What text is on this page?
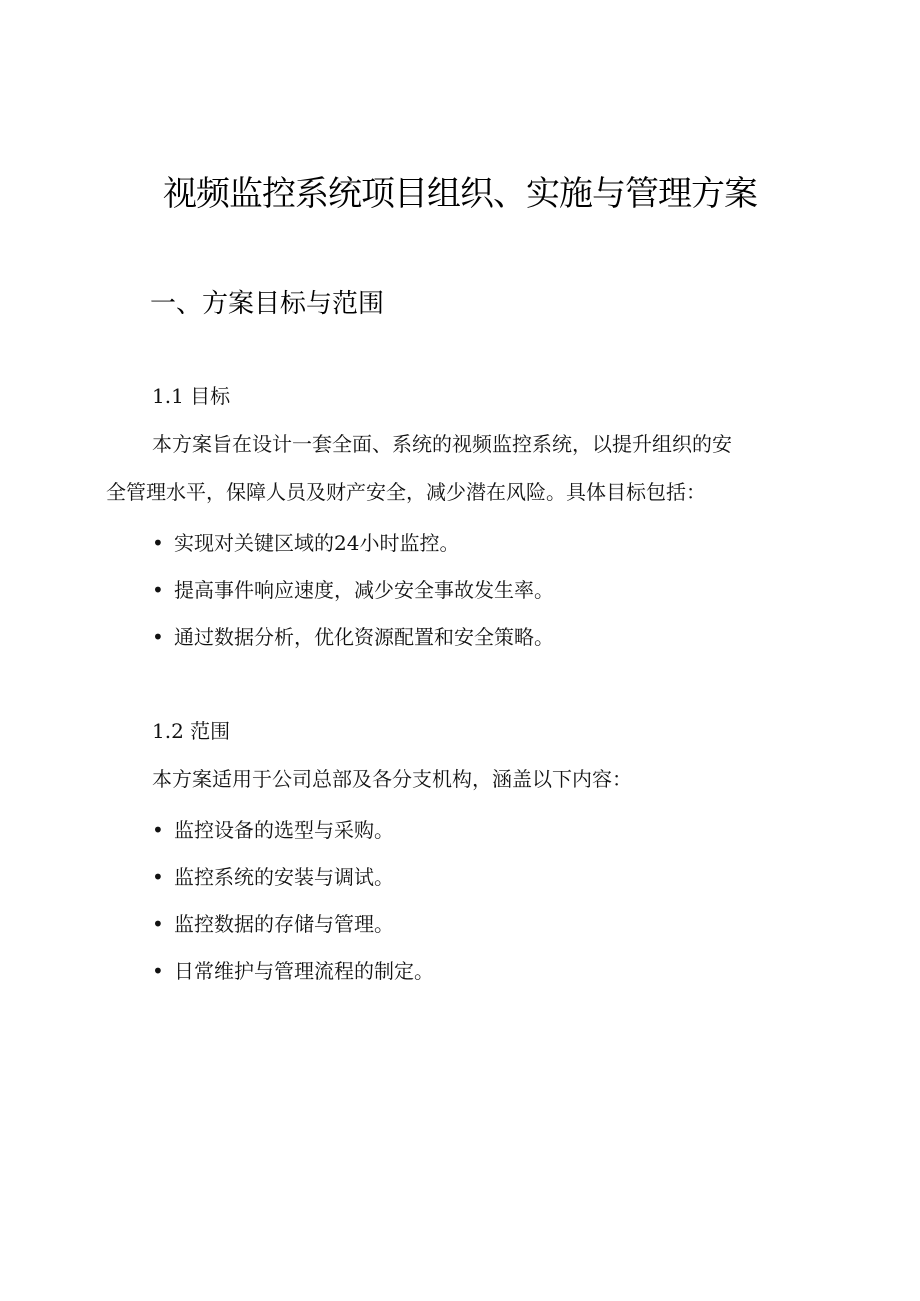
视频监控系统项目组织、实施与管理方案
一、方案目标与范围
1.1 目标

本方案旨在设计一套全面、系统的视频监控系统，以提升组织的安

全管理水平，保障人员及财产安全，减少潜在风险。具体目标包括：

• 实现对关键区域的24小时监控。
• 提高事件响应速度，减少安全事故发生率。
• 通过数据分析，优化资源配置和安全策略。
1.2 范围

本方案适用于公司总部及各分支机构，涵盖以下内容：

• 监控设备的选型与采购。
• 监控系统的安装与调试。
• 监控数据的存储与管理。
• 日常维护与管理流程的制定。
